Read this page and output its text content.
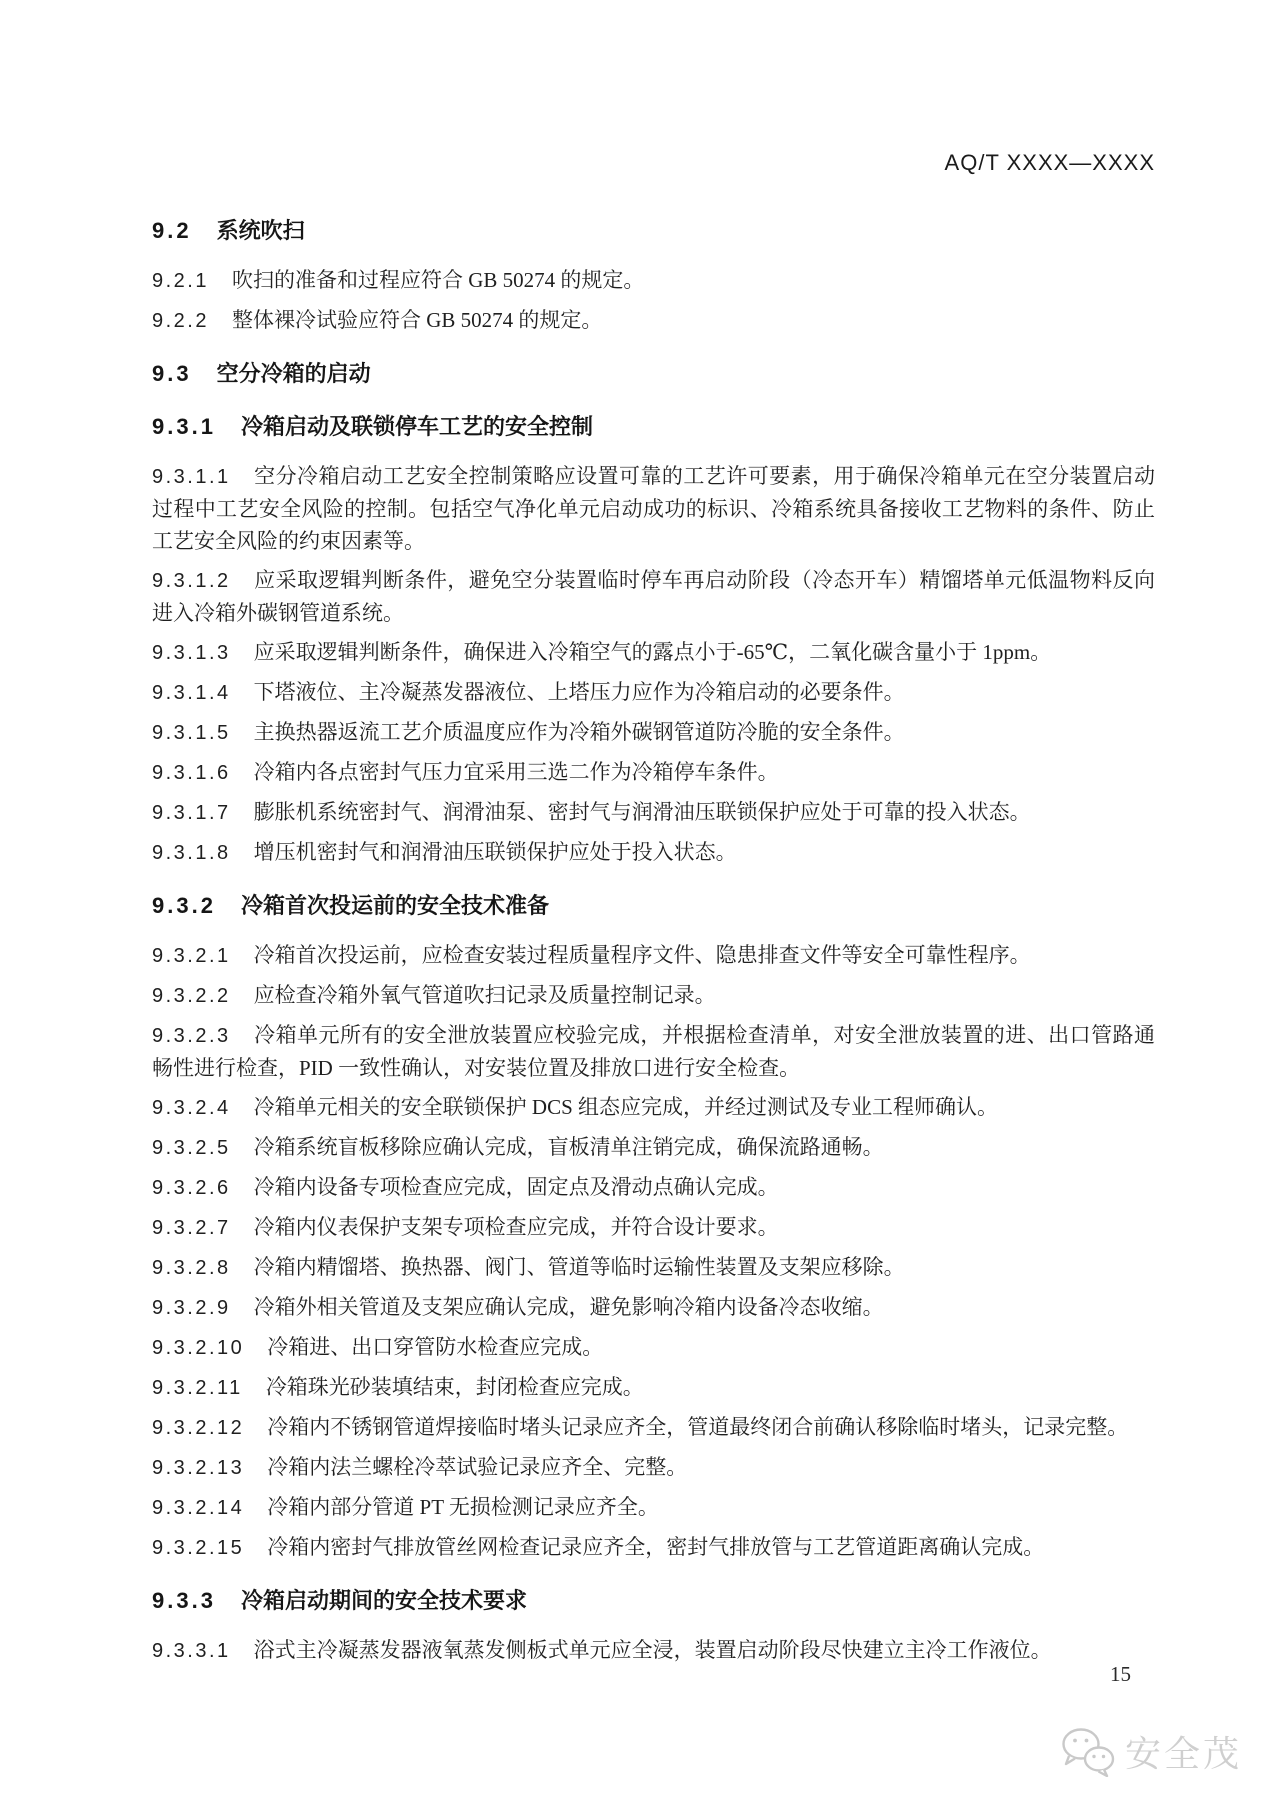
AQ/T XXXX—XXXX

9.2 系统吹扫

9.2.1 吹扫的准备和过程应符合 GB 50274 的规定。

9.2.2 整体裸冷试验应符合 GB 50274 的规定。

9.3 空分冷箱的启动

9.3.1 冷箱启动及联锁停车工艺的安全控制

9.3.1.1 空分冷箱启动工艺安全控制策略应设置可靠的工艺许可要素，用于确保冷箱单元在空分装置启动过程中工艺安全风险的控制。包括空气净化单元启动成功的标识、冷箱系统具备接收工艺物料的条件、防止工艺安全风险的约束因素等。

9.3.1.2 应采取逻辑判断条件，避免空分装置临时停车再启动阶段（冷态开车）精馏塔单元低温物料反向进入冷箱外碳钢管道系统。

9.3.1.3 应采取逻辑判断条件，确保进入冷箱空气的露点小于-65℃，二氧化碳含量小于 1ppm。

9.3.1.4 下塔液位、主冷凝蒸发器液位、上塔压力应作为冷箱启动的必要条件。

9.3.1.5 主换热器返流工艺介质温度应作为冷箱外碳钢管道防冷脆的安全条件。

9.3.1.6 冷箱内各点密封气压力宜采用三选二作为冷箱停车条件。

9.3.1.7 膨胀机系统密封气、润滑油泵、密封气与润滑油压联锁保护应处于可靠的投入状态。

9.3.1.8 增压机密封气和润滑油压联锁保护应处于投入状态。

9.3.2 冷箱首次投运前的安全技术准备

9.3.2.1 冷箱首次投运前，应检查安装过程质量程序文件、隐患排查文件等安全可靠性程序。

9.3.2.2 应检查冷箱外氧气管道吹扫记录及质量控制记录。

9.3.2.3 冷箱单元所有的安全泄放装置应校验完成，并根据检查清单，对安全泄放装置的进、出口管路通畅性进行检查，PID 一致性确认，对安装位置及排放口进行安全检查。

9.3.2.4 冷箱单元相关的安全联锁保护 DCS 组态应完成，并经过测试及专业工程师确认。

9.3.2.5 冷箱系统盲板移除应确认完成，盲板清单注销完成，确保流路通畅。

9.3.2.6 冷箱内设备专项检查应完成，固定点及滑动点确认完成。

9.3.2.7 冷箱内仪表保护支架专项检查应完成，并符合设计要求。

9.3.2.8 冷箱内精馏塔、换热器、阀门、管道等临时运输性装置及支架应移除。

9.3.2.9 冷箱外相关管道及支架应确认完成，避免影响冷箱内设备冷态收缩。

9.3.2.10 冷箱进、出口穿管防水检查应完成。

9.3.2.11 冷箱珠光砂装填结束，封闭检查应完成。

9.3.2.12 冷箱内不锈钢管道焊接临时堵头记录应齐全，管道最终闭合前确认移除临时堵头，记录完整。

9.3.2.13 冷箱内法兰螺栓冷萃试验记录应齐全、完整。

9.3.2.14 冷箱内部分管道 PT 无损检测记录应齐全。

9.3.2.15 冷箱内密封气排放管丝网检查记录应齐全，密封气排放管与工艺管道距离确认完成。

9.3.3 冷箱启动期间的安全技术要求

9.3.3.1 浴式主冷凝蒸发器液氧蒸发侧板式单元应全浸，装置启动阶段尽快建立主冷工作液位。

15
安全茂
